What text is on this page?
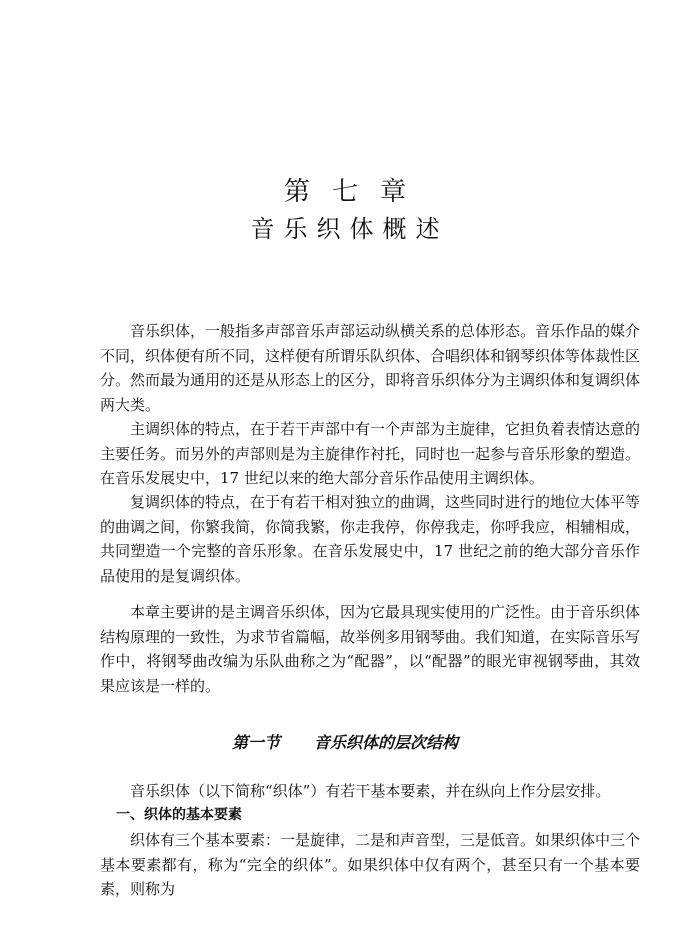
第七章
音乐织体概述

音乐织体，一般指多声部音乐声部运动纵横关系的总体形态。音乐作品的媒介不同，织体便有所不同，这样便有所谓乐队织体、合唱织体和钢琴织体等体裁性区分。然而最为通用的还是从形态上的区分，即将音乐织体分为主调织体和复调织体两大类。

主调织体的特点，在于若干声部中有一个声部为主旋律，它担负着表情达意的主要任务。而另外的声部则是为主旋律作衬托，同时也一起参与音乐形象的塑造。在音乐发展史中，17 世纪以来的绝大部分音乐作品使用主调织体。

复调织体的特点，在于有若干相对独立的曲调，这些同时进行的地位大体平等的曲调之间，你繁我简，你简我繁，你走我停，你停我走，你呼我应，相辅相成，共同塑造一个完整的音乐形象。在音乐发展史中，17 世纪之前的绝大部分音乐作品使用的是复调织体。

本章主要讲的是主调音乐织体，因为它最具现实使用的广泛性。由于音乐织体结构原理的一致性，为求节省篇幅，故举例多用钢琴曲。我们知道，在实际音乐写作中，将钢琴曲改编为乐队曲称之为“配器”，以“配器”的眼光审视钢琴曲，其效果应该是一样的。

第一节 音乐织体的层次结构

音乐织体（以下简称“织体”）有若干基本要素，并在纵向上作分层安排。

一、织体的基本要素

织体有三个基本要素：一是旋律，二是和声音型，三是低音。如果织体中三个基本要素都有，称为“完全的织体”。如果织体中仅有两个，甚至只有一个基本要素，则称为
